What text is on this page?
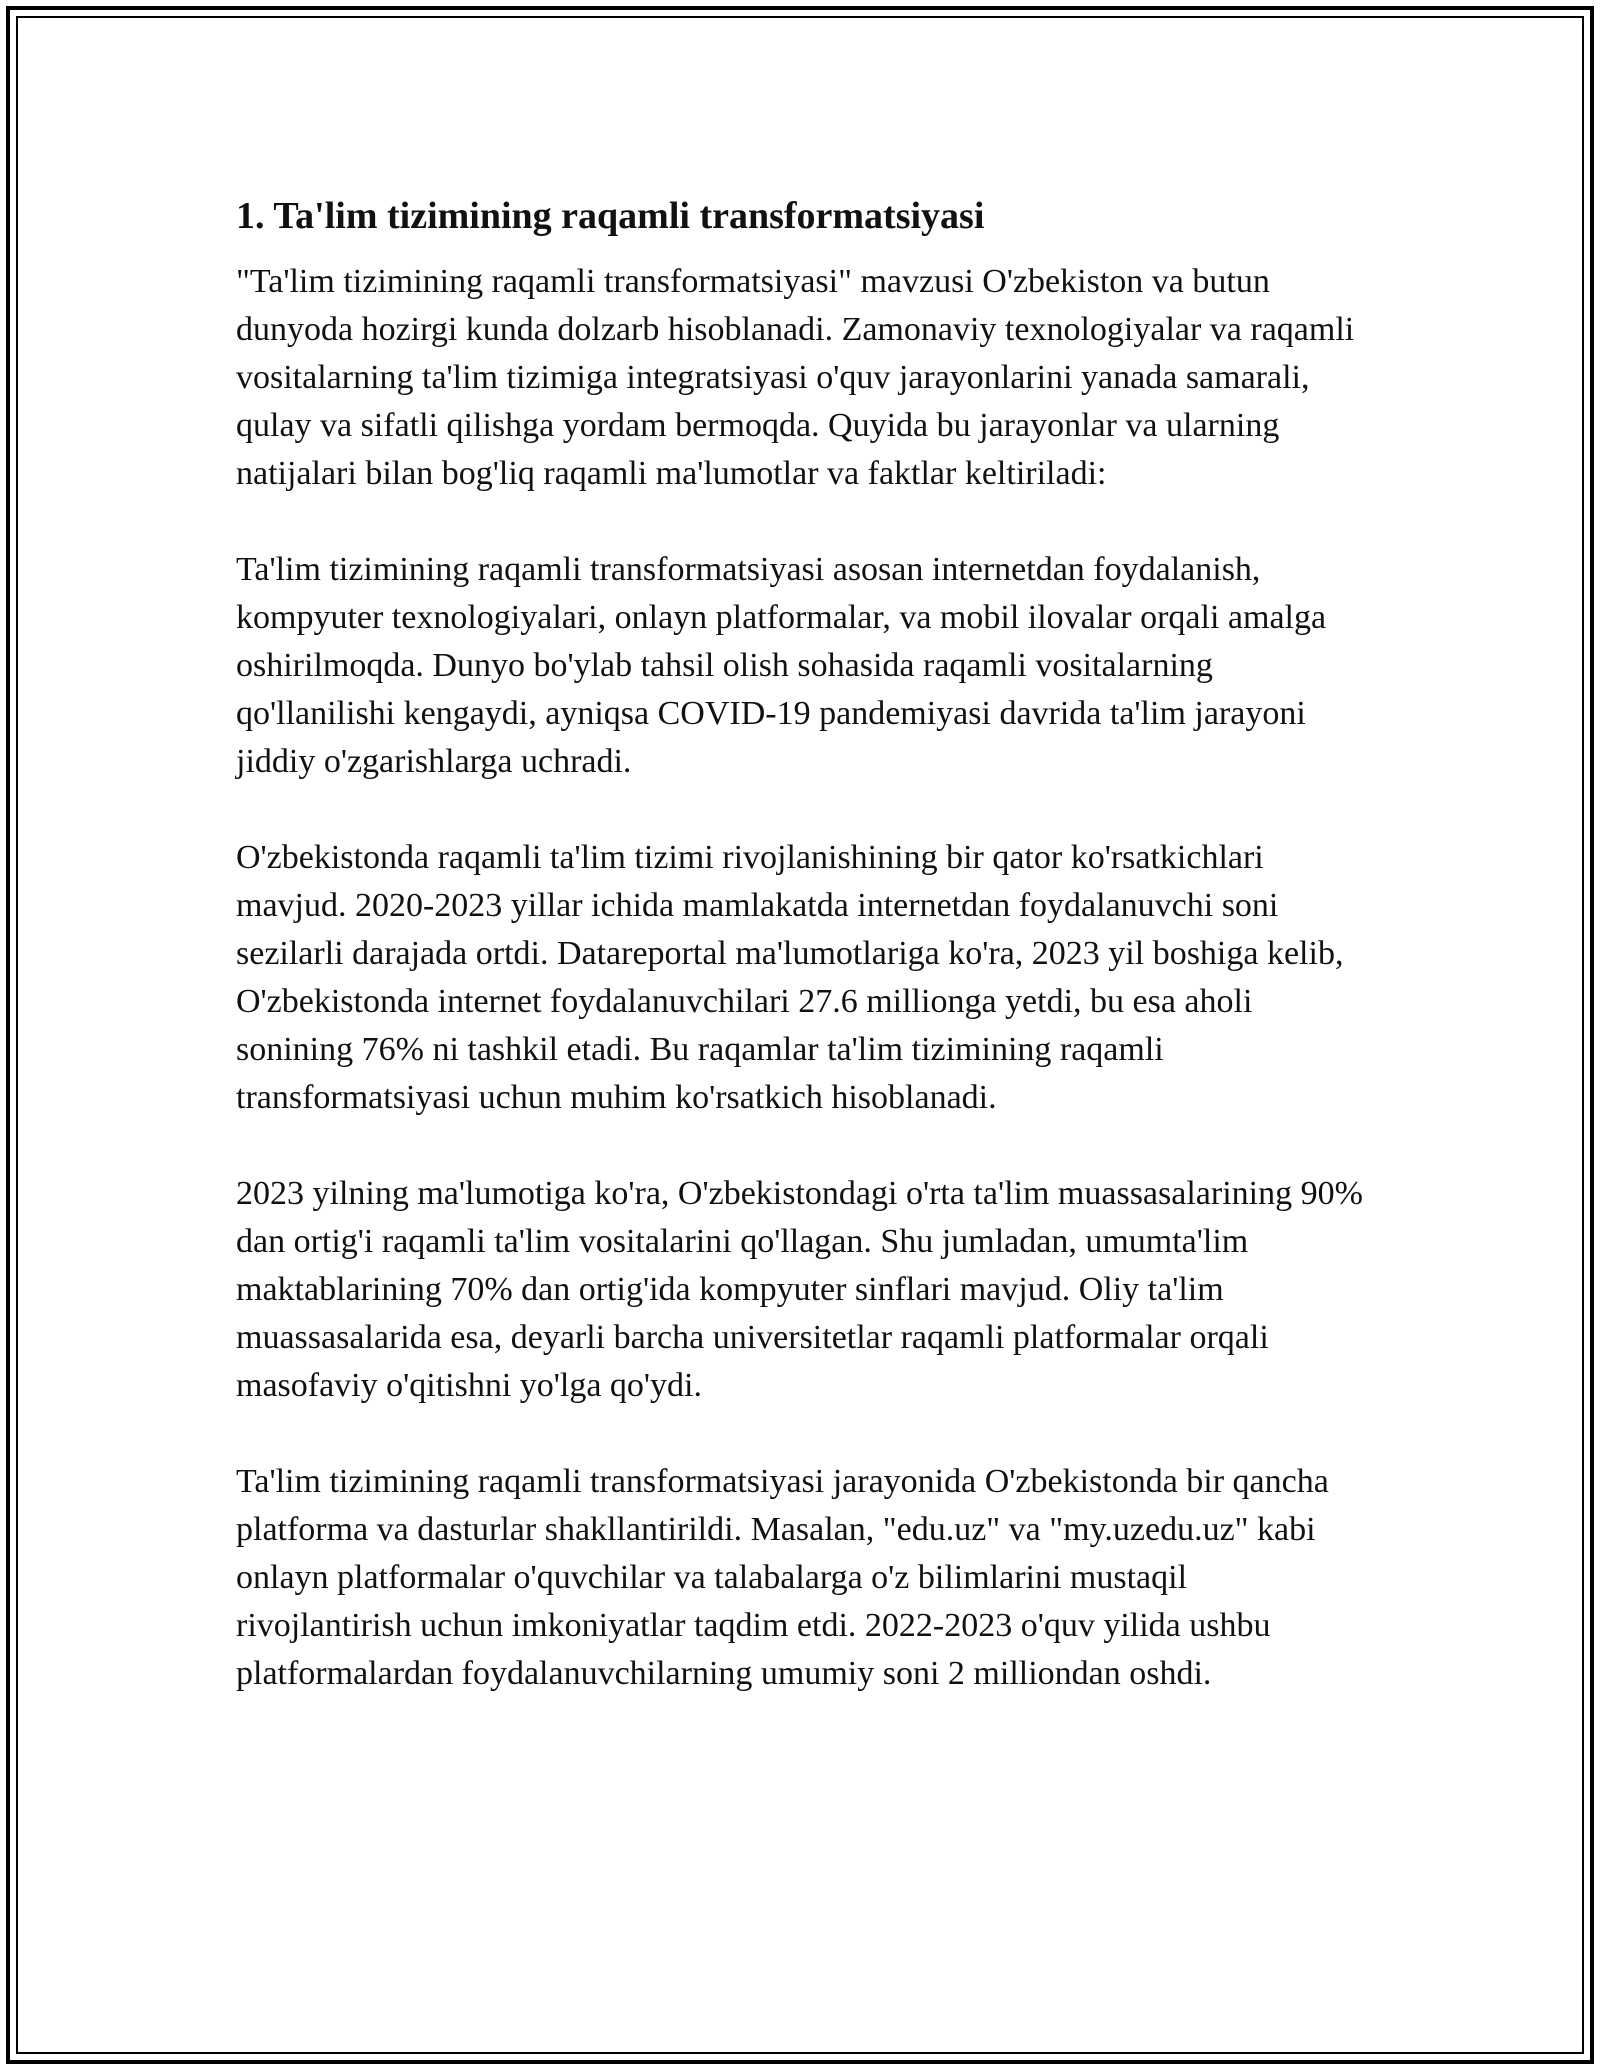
1. Ta'lim tizimining raqamli transformatsiyasi

"Ta'lim tizimining raqamli transformatsiyasi" mavzusi O'zbekiston va butun dunyoda hozirgi kunda dolzarb hisoblanadi. Zamonaviy texnologiyalar va raqamli vositalarning ta'lim tizimiga integratsiyasi o'quv jarayonlarini yanada samarali, qulay va sifatli qilishga yordam bermoqda. Quyida bu jarayonlar va ularning natijalari bilan bog'liq raqamli ma'lumotlar va faktlar keltiriladi:

Ta'lim tizimining raqamli transformatsiyasi asosan internetdan foydalanish, kompyuter texnologiyalari, onlayn platformalar, va mobil ilovalar orqali amalga oshirilmoqda. Dunyo bo'ylab tahsil olish sohasida raqamli vositalarning qo'llanilishi kengaydi, ayniqsa COVID-19 pandemiyasi davrida ta'lim jarayoni jiddiy o'zgarishlarga uchradi.

O'zbekistonda raqamli ta'lim tizimi rivojlanishining bir qator ko'rsatkichlari mavjud. 2020-2023 yillar ichida mamlakatda internetdan foydalanuvchi soni sezilarli darajada ortdi. Datareportal ma'lumotlariga ko'ra, 2023 yil boshiga kelib, O'zbekistonda internet foydalanuvchilari 27.6 millionga yetdi, bu esa aholi sonining 76% ni tashkil etadi. Bu raqamlar ta'lim tizimining raqamli transformatsiyasi uchun muhim ko'rsatkich hisoblanadi.

2023 yilning ma'lumotiga ko'ra, O'zbekistondagi o'rta ta'lim muassasalarining 90% dan ortig'i raqamli ta'lim vositalarini qo'llagan. Shu jumladan, umumta'lim maktablarining 70% dan ortig'ida kompyuter sinflari mavjud. Oliy ta'lim muassasalarida esa, deyarli barcha universitetlar raqamli platformalar orqali masofaviy o'qitishni yo'lga qo'ydi.

Ta'lim tizimining raqamli transformatsiyasi jarayonida O'zbekistonda bir qancha platforma va dasturlar shakllantirildi. Masalan, "edu.uz" va "my.uzedu.uz" kabi onlayn platformalar o'quvchilar va talabalarga o'z bilimlarini mustaqil rivojlantirish uchun imkoniyatlar taqdim etdi. 2022-2023 o'quv yilida ushbu platformalardan foydalanuvchilarning umumiy soni 2 milliondan oshdi.
